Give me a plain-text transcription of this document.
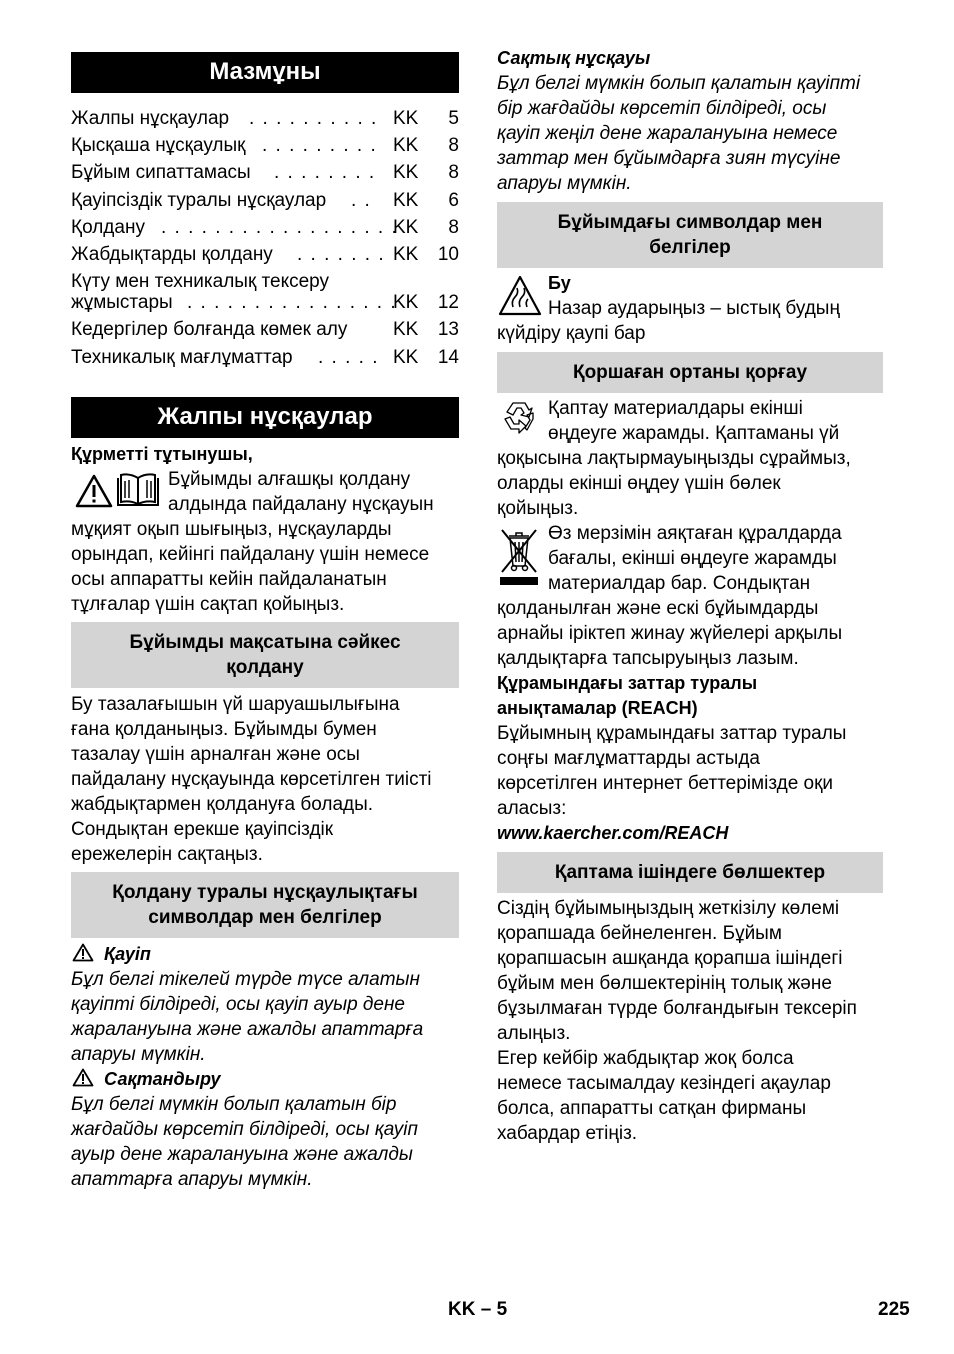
Мазмұны
Жалпы нұсқаулар . . . . . . . . . . KK 5
Қысқаша нұсқаулық . . . . . . . . . KK 8
Бұйым сипаттамасы . . . . . . . . KK 8
Қауіпсіздік туралы нұсқаулар . . KK 6
Қолдану . . . . . . . . . . . . . . . . . .
KK 8
Жабдықтарды қолдану . . . . . . . KK 10
Күту мен техникалық тексеру
жұмыстары . . . . . . . . . . . . . . . .
KK 12
Кедергілер болғанда көмек алу KK 13
Техникалық мағлұматтар . . . . . KK 14
Жалпы нұсқаулар
Құрметті тұтынушы,
Бұйымды алғашқы қолдану
алдында пайдалану нұсқауын
мұқият оқып шығыңыз, нұсқауларды
орындап, кейінгі пайдалану үшін немесе
осы аппаратты кейін пайдаланатын
тұлғалар үшін сақтап қойыңыз.
Бұйымды мақсатына сәйкес
қолдану
Бу тазалағышын үй шаруашылығына
ғана қолданыңыз. Бұйымды бумен
тазалау үшін арналған және осы
пайдалану нұсқауында көрсетілген тиісті
жабдықтармен қолдануға болады.
Сондықтан ерекше қауіпсіздік
ережелерін сақтаңыз.
Қолдану туралы нұсқаулықтағы
символдар мен белгілер
Қауіп
Бұл белгі тікелей түрде түсе алатын
қауіпті білдіреді, осы қауіп ауыр дене
жаралануына және ажалды апаттарға
апаруы мүмкін.
Сақтандыру
Бұл белгі мүмкін болып қалатын бір
жағдайды көрсетіп білдіреді, осы қауіп
ауыр дене жаралануына және ажалды
апаттарға апаруы мүмкін.
Сақтық нұсқауы
Бұл белгі мүмкін болып қалатын қауіпті
бір жағдайды көрсетіп білдіреді, осы
қауіп жеңіл дене жаралануына немесе
заттар мен бұйымдарға зиян түсуіне
апаруы мүмкін.
Бұйымдағы символдар мен
белгілер
Бу
Назар аударыңыз – ыстық будың
күйдіру қаупі бар
Қоршаған ортаны қорғау
Қаптау материалдары екінші
өңдеуге жарамды. Қаптаманы үй
қоқысына лақтырмауыңызды сұраймыз,
оларды екінші өңдеу үшін бөлек
қойыңыз.
Өз мерзімін аяқтаған құралдарда
бағалы, екінші өңдеуге жарамды
материалдар бар. Сондықтан
қолданылған және ескі бұйымдарды
арнайы іріктеп жинау жүйелері арқылы
қалдықтарға тапсыруыңыз лазым.
Құрамындағы заттар туралы
анықтамалар (REACH)
Бұйымның құрамындағы заттар туралы
соңғы мағлұматтарды астыда
көрсетілген интернет беттерімізде оқи
аласыз:
www.kaercher.com/REACH
Қаптама ішіндеге бөлшектер
Сіздің бұйымыңыздың жеткізілу көлемі
қорапшада бейнеленген. Бұйым
қорапшасын ашқанда қорапша ішіндегі
бұйым мен бөлшектерінің толық және
бұзылмаған түрде болғандығын тексеріп
алыңыз.
Егер кейбір жабдықтар жоқ болса
немесе тасымалдау кезіндегі ақаулар
болса, аппаратты сатқан фирманы
хабардар етіңіз.
KK – 5	225
